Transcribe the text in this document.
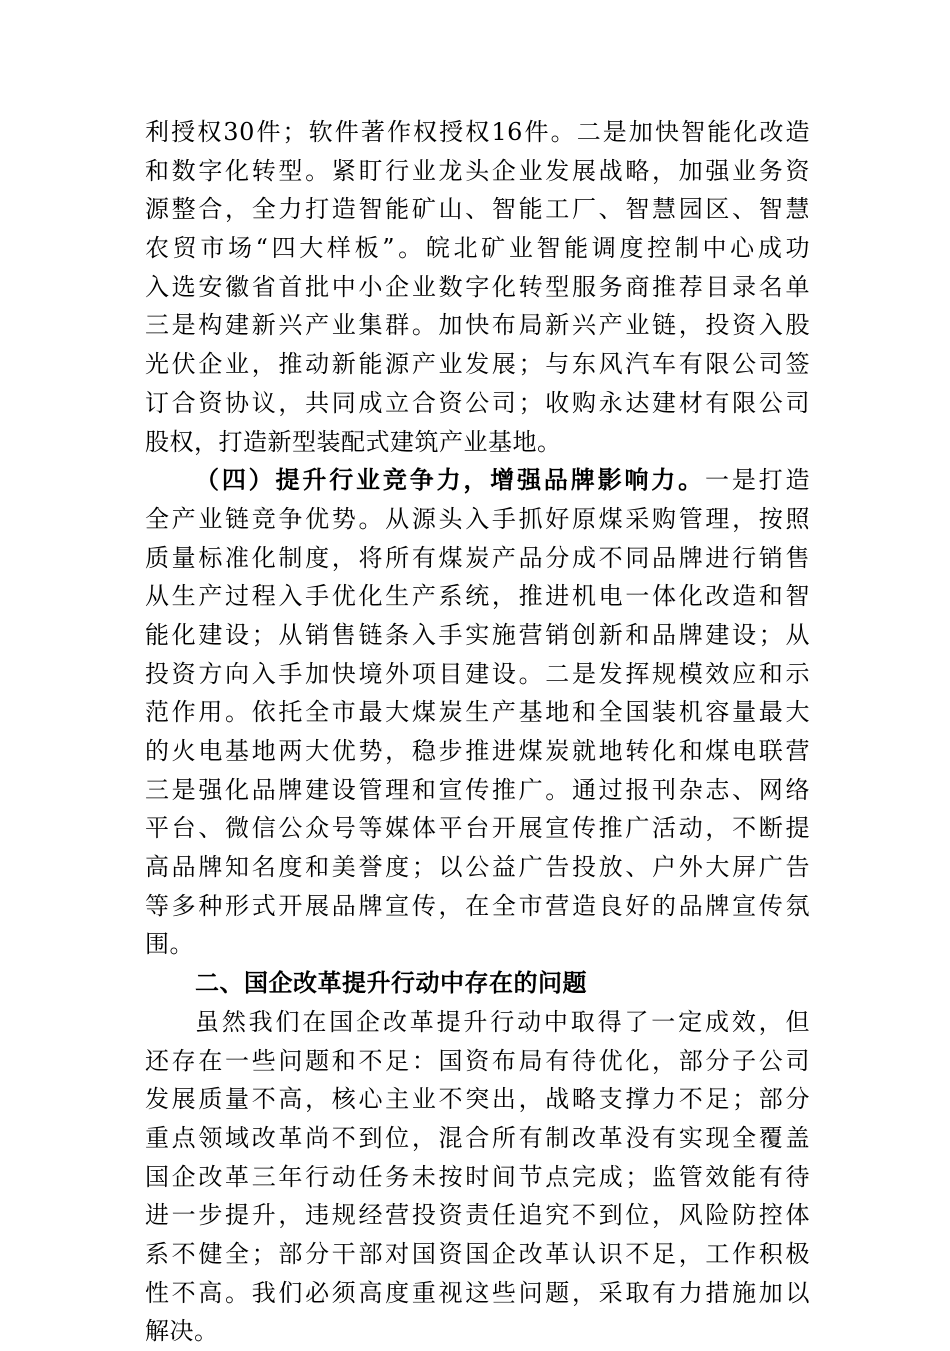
利授权30件；软件著作权授权16件。二是加快智能化改造
和数字化转型。紧盯行业龙头企业发展战略，加强业务资
源整合，全力打造智能矿山、智能工厂、智慧园区、智慧
农贸市场“四大样板”。皖北矿业智能调度控制中心成功
入选安徽省首批中小企业数字化转型服务商推荐目录名单
三是构建新兴产业集群。加快布局新兴产业链，投资入股
光伏企业，推动新能源产业发展；与东风汽车有限公司签
订合资协议，共同成立合资公司；收购永达建材有限公司
股权，打造新型装配式建筑产业基地。
（四）提升行业竞争力，增强品牌影响力。一是打造
全产业链竞争优势。从源头入手抓好原煤采购管理，按照
质量标准化制度，将所有煤炭产品分成不同品牌进行销售
从生产过程入手优化生产系统，推进机电一体化改造和智
能化建设；从销售链条入手实施营销创新和品牌建设；从
投资方向入手加快境外项目建设。二是发挥规模效应和示
范作用。依托全市最大煤炭生产基地和全国装机容量最大
的火电基地两大优势，稳步推进煤炭就地转化和煤电联营
三是强化品牌建设管理和宣传推广。通过报刊杂志、网络
平台、微信公众号等媒体平台开展宣传推广活动，不断提
高品牌知名度和美誉度；以公益广告投放、户外大屏广告
等多种形式开展品牌宣传，在全市营造良好的品牌宣传氛
围。
二、国企改革提升行动中存在的问题
虽然我们在国企改革提升行动中取得了一定成效，但
还存在一些问题和不足：国资布局有待优化，部分子公司
发展质量不高，核心主业不突出，战略支撑力不足；部分
重点领域改革尚不到位，混合所有制改革没有实现全覆盖
国企改革三年行动任务未按时间节点完成；监管效能有待
进一步提升，违规经营投资责任追究不到位，风险防控体
系不健全；部分干部对国资国企改革认识不足，工作积极
性不高。我们必须高度重视这些问题，采取有力措施加以
解决。
